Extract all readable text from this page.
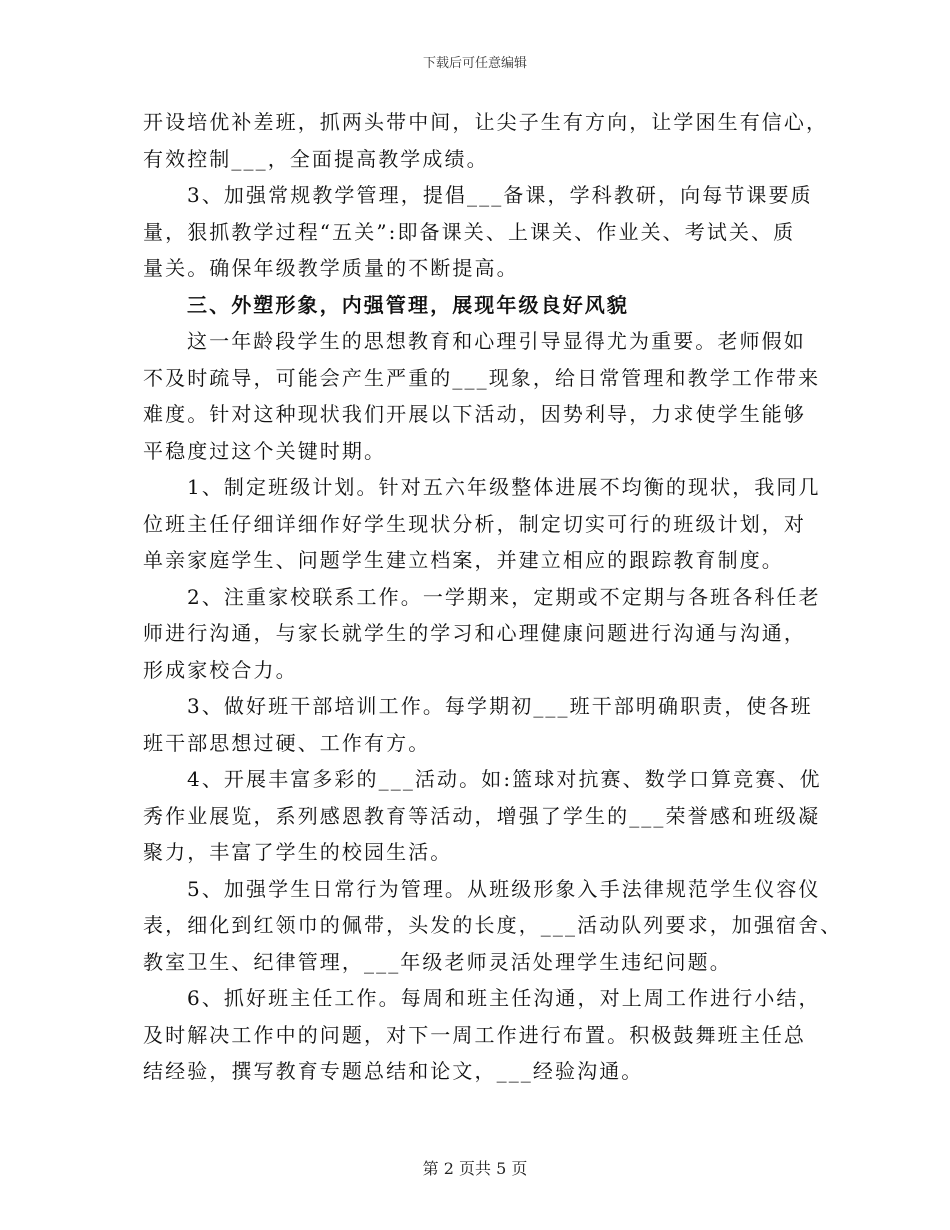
下载后可任意编辑

开设培优补差班，抓两头带中间，让尖子生有方向，让学困生有信心，

有效控制___，全面提高教学成绩。

3、加强常规教学管理，提倡___备课，学科教研，向每节课要质

量，狠抓教学过程“五关”:即备课关、上课关、作业关、考试关、质

量关。确保年级教学质量的不断提高。

三、外塑形象，内强管理，展现年级良好风貌

这一年龄段学生的思想教育和心理引导显得尤为重要。老师假如

不及时疏导，可能会产生严重的___现象，给日常管理和教学工作带来

难度。针对这种现状我们开展以下活动，因势利导，力求使学生能够

平稳度过这个关键时期。

1、制定班级计划。针对五六年级整体进展不均衡的现状，我同几

位班主任仔细详细作好学生现状分析，制定切实可行的班级计划，对

单亲家庭学生、问题学生建立档案，并建立相应的跟踪教育制度。

2、注重家校联系工作。一学期来，定期或不定期与各班各科任老

师进行沟通，与家长就学生的学习和心理健康问题进行沟通与沟通，

形成家校合力。

3、做好班干部培训工作。每学期初___班干部明确职责，使各班

班干部思想过硬、工作有方。

4、开展丰富多彩的___活动。如:篮球对抗赛、数学口算竞赛、优

秀作业展览，系列感恩教育等活动，增强了学生的___荣誉感和班级凝

聚力，丰富了学生的校园生活。

5、加强学生日常行为管理。从班级形象入手法律规范学生仪容仪

表，细化到红领巾的佩带，头发的长度，___活动队列要求，加强宿舍、

教室卫生、纪律管理，___年级老师灵活处理学生违纪问题。

6、抓好班主任工作。每周和班主任沟通，对上周工作进行小结，

及时解决工作中的问题，对下一周工作进行布置。积极鼓舞班主任总

结经验，撰写教育专题总结和论文，___经验沟通。

第 2 页共 5 页
